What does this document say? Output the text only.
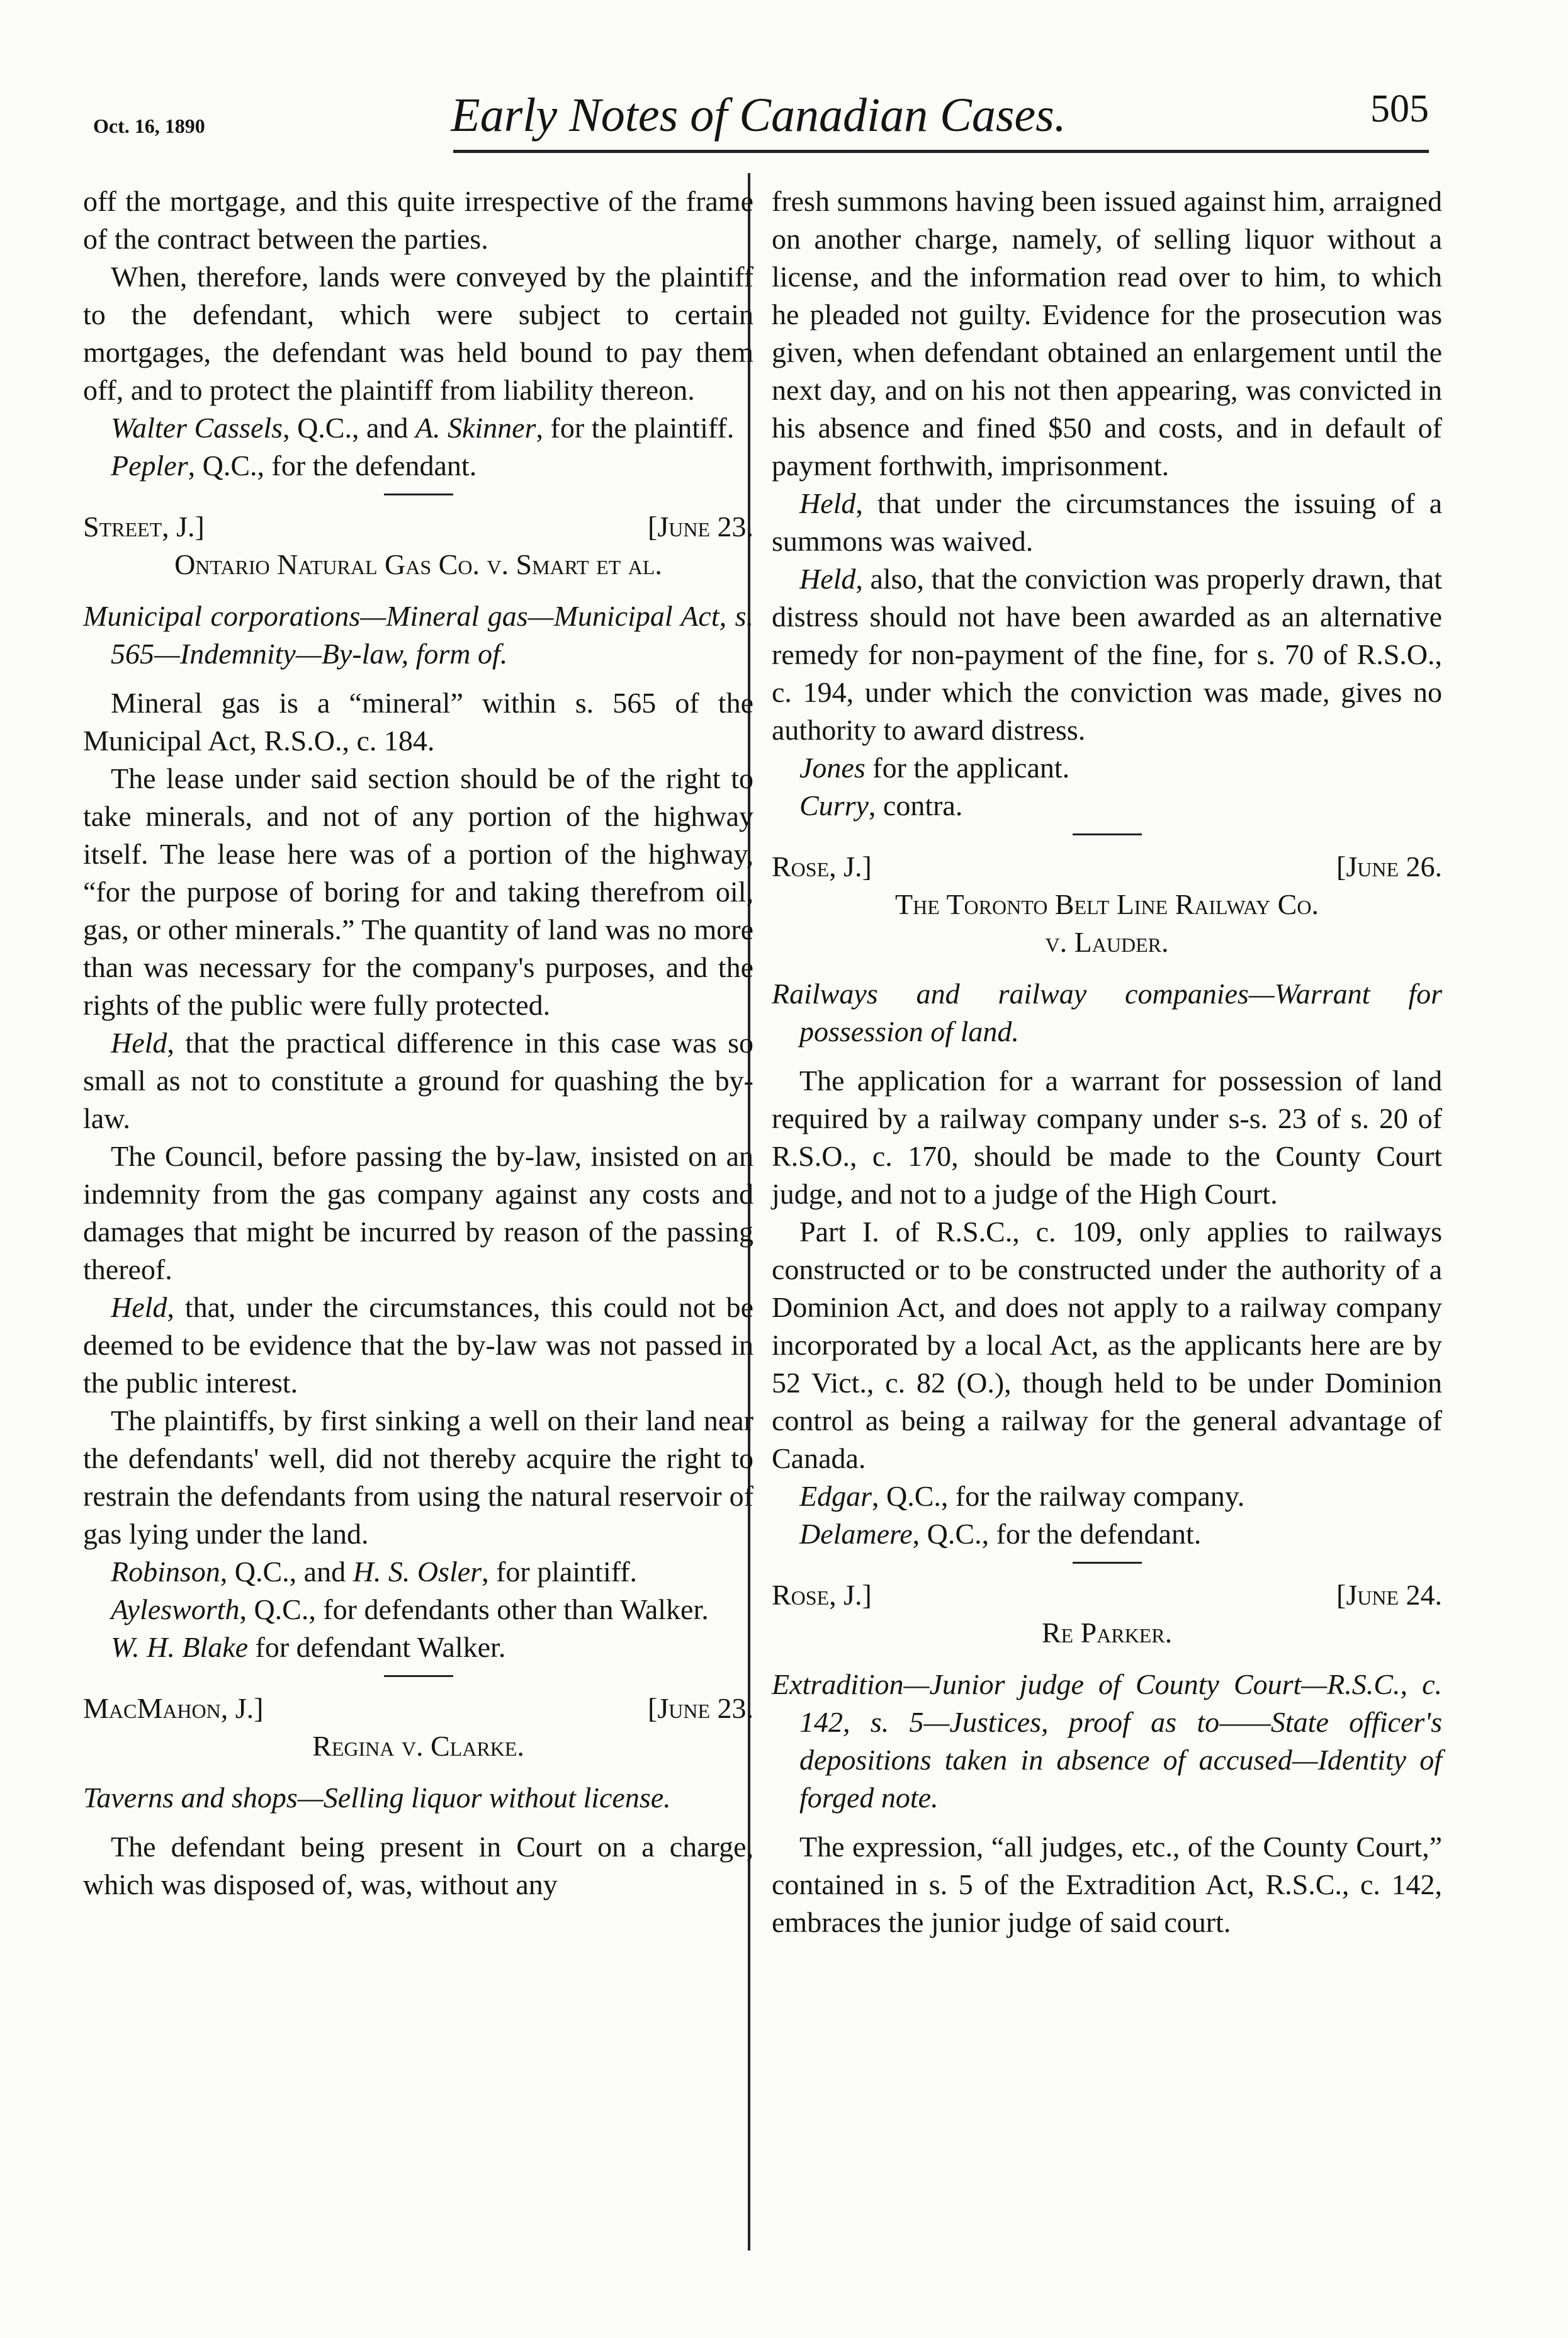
Oct. 16, 1890	Early Notes of Canadian Cases.	505

off the mortgage, and this quite irrespective of the frame of the contract between the parties.

When, therefore, lands were conveyed by the plaintiff to the defendant, which were subject to certain mortgages, the defendant was held bound to pay them off, and to protect the plaintiff from liability thereon.

Walter Cassels, Q.C., and A. Skinner, for the plaintiff.

Pepler, Q.C., for the defendant.

Street, J.]	[June 23.
Ontario Natural Gas Co. v. Smart et al.

Municipal corporations—Mineral gas—Municipal Act, s. 565—Indemnity—By-law, form of.

Mineral gas is a “mineral” within s. 565 of the Municipal Act, R.S.O., c. 184.

The lease under said section should be of the right to take minerals, and not of any portion of the highway itself. The lease here was of a portion of the highway, “for the purpose of boring for and taking therefrom oil, gas, or other minerals.” The quantity of land was no more than was necessary for the company's purposes, and the rights of the public were fully protected.

Held, that the practical difference in this case was so small as not to constitute a ground for quashing the by-law.

The Council, before passing the by-law, insisted on an indemnity from the gas company against any costs and damages that might be incurred by reason of the passing thereof.

Held, that, under the circumstances, this could not be deemed to be evidence that the by-law was not passed in the public interest.

The plaintiffs, by first sinking a well on their land near the defendants' well, did not thereby acquire the right to restrain the defendants from using the natural reservoir of gas lying under the land.

Robinson, Q.C., and H. S. Osler, for plaintiff.

Aylesworth, Q.C., for defendants other than Walker.

W. H. Blake for defendant Walker.

MacMahon, J.]	[June 23.
Regina v. Clarke.

Taverns and shops—Selling liquor without license.

The defendant being present in Court on a charge, which was disposed of, was, without any

fresh summons having been issued against him, arraigned on another charge, namely, of selling liquor without a license, and the information read over to him, to which he pleaded not guilty. Evidence for the prosecution was given, when defendant obtained an enlargement until the next day, and on his not then appearing, was convicted in his absence and fined $50 and costs, and in default of payment forthwith, imprisonment.

Held, that under the circumstances the issuing of a summons was waived.

Held, also, that the conviction was properly drawn, that distress should not have been awarded as an alternative remedy for non-payment of the fine, for s. 70 of R.S.O., c. 194, under which the conviction was made, gives no authority to award distress.

Jones for the applicant.

Curry, contra.

Rose, J.]	[June 26.
The Toronto Belt Line Railway Co.
v. Lauder.

Railways and railway companies—Warrant for possession of land.

The application for a warrant for possession of land required by a railway company under s-s. 23 of s. 20 of R.S.O., c. 170, should be made to the County Court judge, and not to a judge of the High Court.

Part I. of R.S.C., c. 109, only applies to railways constructed or to be constructed under the authority of a Dominion Act, and does not apply to a railway company incorporated by a local Act, as the applicants here are by 52 Vict., c. 82 (O.), though held to be under Dominion control as being a railway for the general advantage of Canada.

Edgar, Q.C., for the railway company.

Delamere, Q.C., for the defendant.

Rose, J.]	[June 24.
Re Parker.

Extradition—Junior judge of County Court—R.S.C., c. 142, s. 5—Justices, proof as to——State officer's depositions taken in absence of accused—Identity of forged note.

The expression, “all judges, etc., of the County Court,” contained in s. 5 of the Extradition Act, R.S.C., c. 142, embraces the junior judge of said court.
